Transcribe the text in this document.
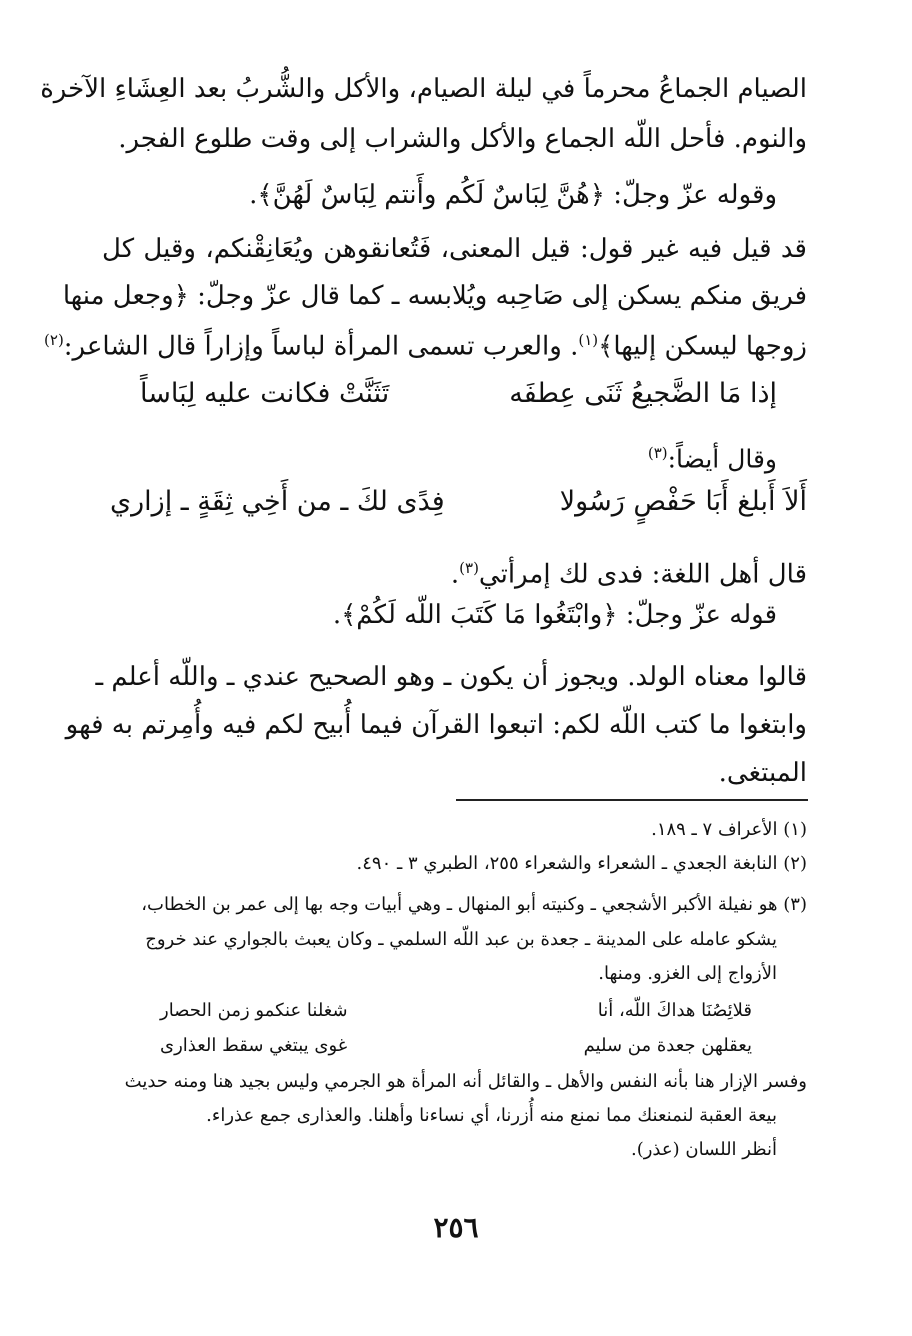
الصيام الجماعُ محرماً في ليلة الصيام، والأكل والشُّربُ بعد العِشَاءِ الآخرة
والنوم. فأحل اللّه الجماع والأكل والشراب إلى وقت طلوع الفجر.
وقوله عزّ وجلّ: ﴿هُنَّ لِبَاسٌ لَكُم وأَنتم لِبَاسٌ لَهُنَّ﴾.
قد قيل فيه غير قول: قيل المعنى، فَتُعانقوهن ويُعَانِقْنكم، وقيل كل
فريق منكم يسكن إلى صَاحِبه ويُلابسه ـ كما قال عزّ وجلّ: ﴿وجعل منها
زوجها ليسكن إليها﴾$^{(١)}$. والعرب تسمى المرأة لباساً وإزاراً قال الشاعر:$^{(٢)}$
إذا مَا الضَّجيعُ ثَنَى عِطفَه
تَثَنَّتْ فكانت عليه لِبَاساً
وقال أيضاً:$^{(٣)}$
أَلاَ أَبلغ أَبَا حَفْصٍ رَسُولا
فِدًى لكَ ـ من أَخِي ثِقَةٍ ـ إزاري
قال أهل اللغة: فدى لك إمرأتي$^{(٣)}$.
قوله عزّ وجلّ: ﴿وابْتَغُوا مَا كَتَبَ اللّه لَكُمْ﴾.
قالوا معناه الولد. ويجوز أن يكون ـ وهو الصحيح عندي ـ واللّه أعلم ـ
وابتغوا ما كتب اللّه لكم: اتبعوا القرآن فيما أُبيح لكم فيه وأُمِرتم به فهو
المبتغى.
(١) الأعراف ٧ ـ ١٨٩.
(٢) النابغة الجعدي ـ الشعراء والشعراء ٢٥٥، الطبري ٣ ـ ٤٩٠.
(٣) هو نفيلة الأكبر الأشجعي ـ وكنيته أبو المنهال ـ وهي أبيات وجه بها إلى عمر بن الخطاب،
يشكو عامله على المدينة ـ جعدة بن عبد اللّه السلمي ـ وكان يعبث بالجواري عند خروج
الأزواج إلى الغزو. ومنها.
قلائِصُنَا هداكَ اللّه، أنا
شغلنا عنكمو زمن الحصار
يعقلهن جعدة من سليم
غوى يبتغي سقط العذارى
وفسر الإزار هنا بأنه النفس والأهل ـ والقائل أنه المرأة هو الجرمي وليس بجيد هنا ومنه حديث
بيعة العقبة لنمنعنك مما نمنع منه أُزرنا، أي نساءنا وأهلنا. والعذارى جمع عذراء.
أنظر اللسان (عذر).
٢٥٦
